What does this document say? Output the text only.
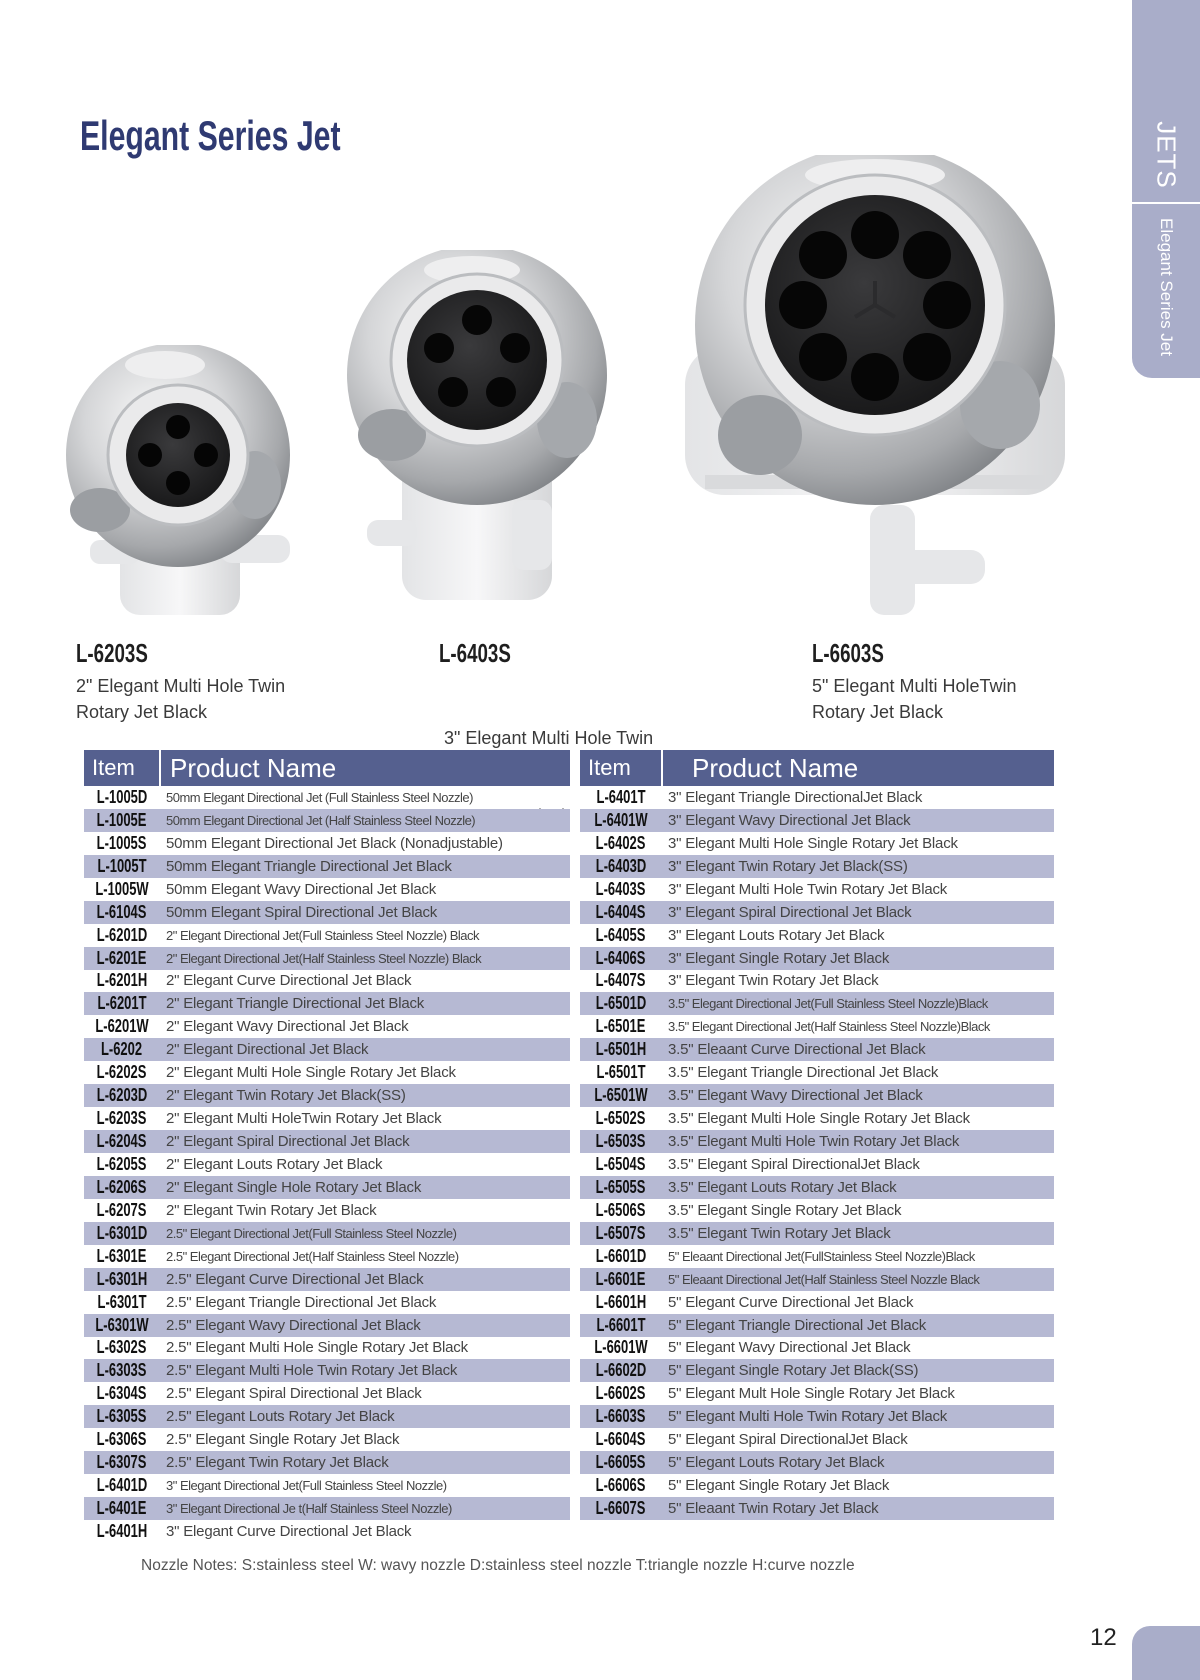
JETS
Elegant Series Jet
Elegant Series Jet
L-6203S
2" Elegant Multi Hole Twin
Rotary Jet Black
L-6403S

3" Elegant Multi Hole Twin

L-6603S
5" Elegant Multi HoleTwin
Rotary Jet Black
Item	Product Name
L-1005D	50mm Elegant Directional Jet (Full Stainless Steel Nozzle)
L-1005E	50mm Elegant Directional Jet (Half Stainless Steel Nozzle)
L-1005S	50mm Elegant Directional Jet Black (Nonadjustable)
L-1005T	50mm Elegant Triangle Directional Jet Black
L-1005W	50mm Elegant Wavy Directional Jet Black
L-6104S	50mm Elegant Spiral Directional Jet Black
L-6201D	2" Elegant Directional Jet(Full Stainless Steel Nozzle) Black
L-6201E	2" Elegant Directional Jet(Half Stainless Steel Nozzle) Black
L-6201H	2" Elegant Curve Directional Jet Black
L-6201T	2" Elegant Triangle Directional Jet Black
L-6201W	2" Elegant Wavy Directional Jet Black
L-6202	2" Elegant Directional Jet Black
L-6202S	2" Elegant Multi Hole Single Rotary Jet Black
L-6203D	2" Elegant Twin Rotary Jet Black(SS)
L-6203S	2" Elegant Multi HoleTwin Rotary Jet Black
L-6204S	2" Elegant Spiral Directional Jet Black
L-6205S	2" Elegant Louts Rotary Jet Black
L-6206S	2" Elegant Single Hole Rotary Jet Black
L-6207S	2" Elegant Twin Rotary Jet Black
L-6301D	2.5" Elegant Directional Jet(Full Stainless Steel Nozzle)
L-6301E	2.5" Elegant Directional Jet(Half Stainless Steel Nozzle)
L-6301H	2.5" Elegant Curve Directional Jet Black
L-6301T	2.5" Elegant Triangle Directional Jet Black
L-6301W	2.5" Elegant Wavy Directional Jet Black
L-6302S	2.5" Elegant Multi Hole Single Rotary Jet Black
L-6303S	2.5" Elegant Multi Hole Twin Rotary Jet Black
L-6304S	2.5" Elegant Spiral Directional Jet Black
L-6305S	2.5" Elegant Louts Rotary Jet Black
L-6306S	2.5" Elegant Single Rotary Jet Black
L-6307S	2.5" Elegant Twin Rotary Jet Black
L-6401D	3" Elegant Directional Jet(Full Stainless Steel Nozzle)
L-6401E	3" Elegant Directional Je t(Half Stainless Steel Nozzle)
L-6401H	3" Elegant Curve Directional Jet Black
Item	Product Name
L-6401T	3" Elegant Triangle DirectionalJet Black
L-6401W	3" Elegant Wavy Directional Jet Black
L-6402S	3" Elegant Multi Hole Single Rotary Jet Black
L-6403D	3" Elegant Twin Rotary Jet Black(SS)
L-6403S	3" Elegant Multi Hole Twin Rotary Jet Black
L-6404S	3" Elegant Spiral Directional Jet Black
L-6405S	3" Elegant Louts Rotary Jet Black
L-6406S	3" Elegant Single Rotary Jet Black
L-6407S	3" Elegant Twin Rotary Jet Black
L-6501D	3.5" Elegant Directional Jet(Full Stainless Steel Nozzle)Black
L-6501E	3.5" Elegant Directional Jet(Half Stainless Steel Nozzle)Black
L-6501H	3.5" Eleaant Curve Directional Jet Black
L-6501T	3.5" Elegant Triangle Directional Jet Black
L-6501W	3.5" Elegant Wavy Directional Jet Black
L-6502S	3.5" Elegant Multi Hole Single Rotary Jet Black
L-6503S	3.5" Elegant Multi Hole Twin Rotary Jet Black
L-6504S	3.5" Elegant Spiral DirectionalJet Black
L-6505S	3.5" Elegant Louts Rotary Jet Black
L-6506S	3.5" Elegant Single Rotary Jet Black
L-6507S	3.5" Elegant Twin Rotary Jet Black
L-6601D	5" Eleaant Directional Jet(FullStainless Steel Nozzle)Black
L-6601E	5" Eleaant Directional Jet(Half Stainless Steel Nozzle Black
L-6601H	5" Elegant Curve Directional Jet Black
L-6601T	5" Elegant Triangle Directional Jet Black
L-6601W	5" Elegant Wavy Directional Jet Black
L-6602D	5" Elegant Single Rotary Jet Black(SS)
L-6602S	5" Elegant Mult Hole Single Rotary Jet Black
L-6603S	5" Elegant Multi Hole Twin Rotary Jet Black
L-6604S	5" Elegant Spiral DirectionalJet Black
L-6605S	5" Elegant Louts Rotary Jet Black
L-6606S	5" Elegant Single Rotary Jet Black
L-6607S	5" Eleaant Twin Rotary Jet Black
Nozzle Notes: S:stainless steel W: wavy nozzle D:stainless steel nozzle T:triangle nozzle H:curve nozzle
12
